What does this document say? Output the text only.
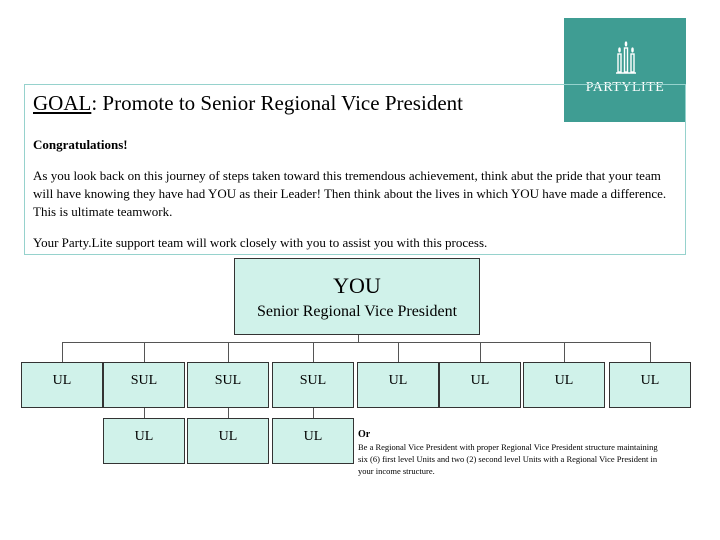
PARTYLITE
GOAL: Promote to Senior Regional Vice President
Congratulations!
As you look back on this journey of steps taken toward this tremendous achievement, think abut the pride that your team will have knowing they have had YOU as their Leader! Then think about the lives in which YOU have made a difference. This is ultimate teamwork.
Your Party.Lite support team will work closely with you to assist you with this process.
YOU
Senior Regional Vice President
UL	SUL	SUL	SUL	UL	UL	UL	UL
UL	UL	UL	Or
Be a Regional Vice President with proper Regional Vice President structure maintaining six (6) first level Units and two (2) second level Units with a Regional Vice President in your income structure.
